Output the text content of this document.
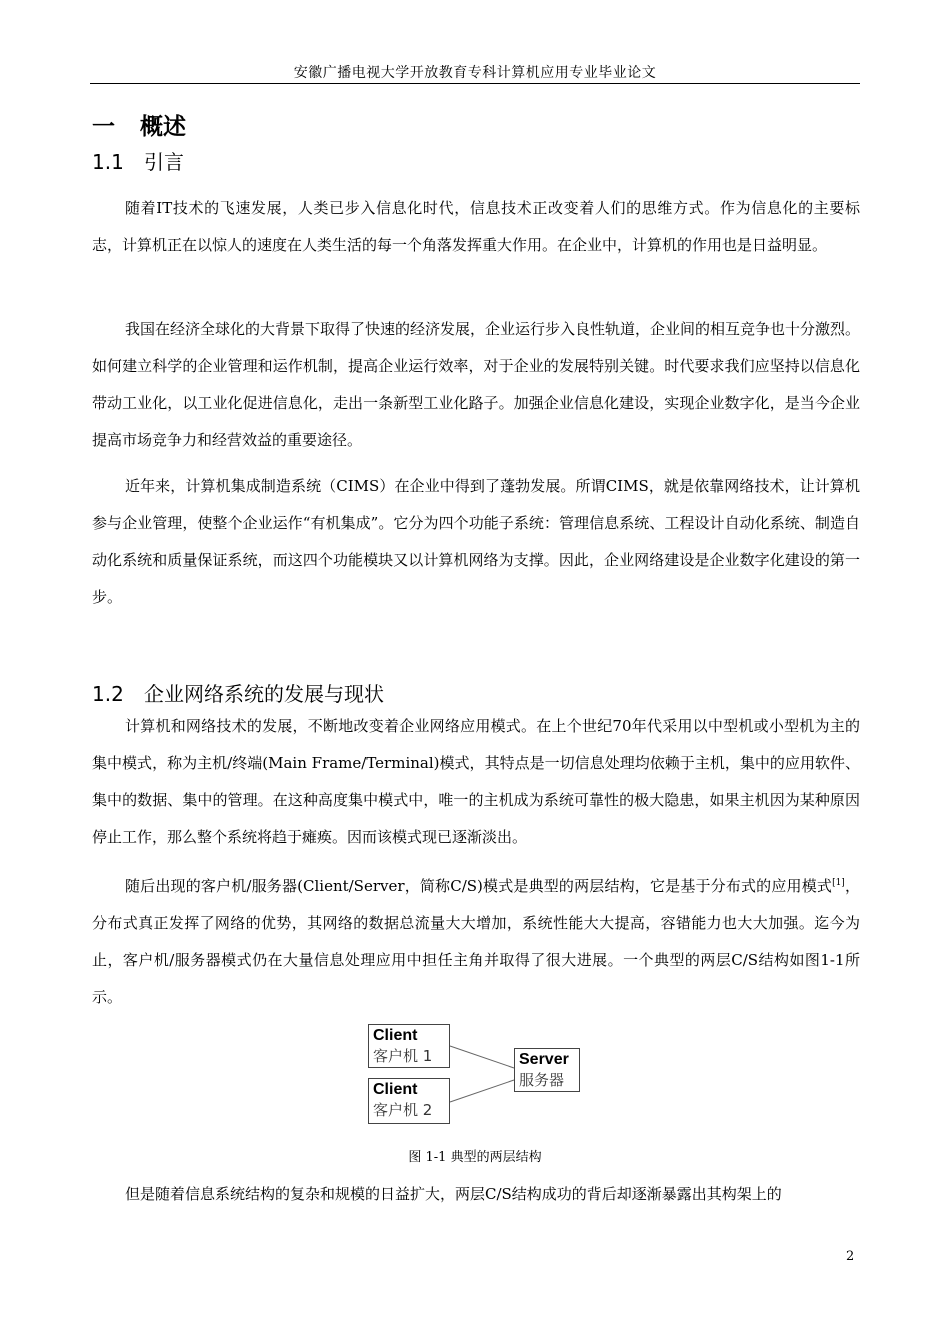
安徽广播电视大学开放教育专科计算机应用专业毕业论文
一 概述
1.1 引言

随着IT技术的飞速发展，人类已步入信息化时代，信息技术正改变着人们的思维方式。作为信息化的主要标志，计算机正在以惊人的速度在人类生活的每一个角落发挥重大作用。在企业中，计算机的作用也是日益明显。

我国在经济全球化的大背景下取得了快速的经济发展，企业运行步入良性轨道，企业间的相互竞争也十分激烈。如何建立科学的企业管理和运作机制，提高企业运行效率，对于企业的发展特别关键。时代要求我们应坚持以信息化带动工业化，以工业化促进信息化，走出一条新型工业化路子。加强企业信息化建设，实现企业数字化，是当今企业提高市场竞争力和经营效益的重要途径。

近年来，计算机集成制造系统（CIMS）在企业中得到了蓬勃发展。所谓CIMS，就是依靠网络技术，让计算机参与企业管理，使整个企业运作“有机集成”。它分为四个功能子系统：管理信息系统、工程设计自动化系统、制造自动化系统和质量保证系统，而这四个功能模块又以计算机网络为支撑。因此，企业网络建设是企业数字化建设的第一步。

1.2 企业网络系统的发展与现状

计算机和网络技术的发展，不断地改变着企业网络应用模式。在上个世纪70年代采用以中型机或小型机为主的集中模式，称为主机/终端(Main Frame/Terminal)模式，其特点是一切信息处理均依赖于主机，集中的应用软件、集中的数据、集中的管理。在这种高度集中模式中，唯一的主机成为系统可靠性的极大隐患，如果主机因为某种原因停止工作，那么整个系统将趋于瘫痪。因而该模式现已逐渐淡出。

随后出现的客户机/服务器(Client/Server，简称C/S)模式是典型的两层结构，它是基于分布式的应用模式[1]，分布式真正发挥了网络的优势，其网络的数据总流量大大增加，系统性能大大提高，容错能力也大大加强。迄今为止，客户机/服务器模式仍在大量信息处理应用中担任主角并取得了很大进展。一个典型的两层C/S结构如图1-1所示。

Client
客户机 1
Client
客户机 2
Server
服务器
图 1-1 典型的两层结构

但是随着信息系统结构的复杂和规模的日益扩大，两层C/S结构成功的背后却逐渐暴露出其构架上的

2
